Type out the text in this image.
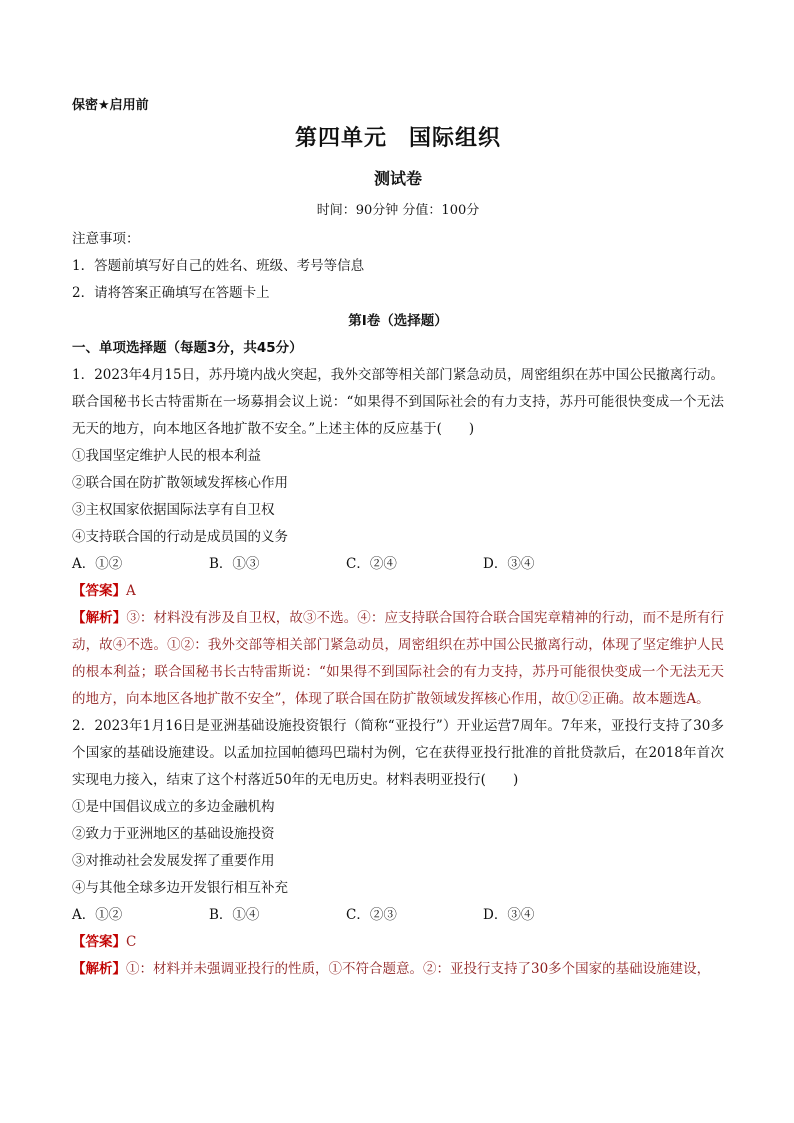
保密★启用前
第四单元 国际组织
测试卷
时间：90分钟 分值：100分

注意事项：

1．答题前填写好自己的姓名、班级、考号等信息

2．请将答案正确填写在答题卡上

第Ⅰ卷（选择题）
一、单项选择题（每题3分，共45分）

1．2023年4月15日，苏丹境内战火突起，我外交部等相关部门紧急动员，周密组织在苏中国公民撤离行动。联合国秘书长古特雷斯在一场募捐会议上说：“如果得不到国际社会的有力支持，苏丹可能很快变成一个无法无天的地方，向本地区各地扩散不安全。”上述主体的反应基于(　　)

①我国坚定维护人民的根本利益

②联合国在防扩散领域发挥核心作用

③主权国家依据国际法享有自卫权

④支持联合国的行动是成员国的义务

A．①②	B．①③	C．②④	D．③④
【答案】A

【解析】③：材料没有涉及自卫权，故③不选。④：应支持联合国符合联合国宪章精神的行动，而不是所有行动，故④不选。①②：我外交部等相关部门紧急动员，周密组织在苏中国公民撤离行动，体现了坚定维护人民的根本利益；联合国秘书长古特雷斯说：“如果得不到国际社会的有力支持，苏丹可能很快变成一个无法无天的地方，向本地区各地扩散不安全”，体现了联合国在防扩散领域发挥核心作用，故①②正确。故本题选A。

2．2023年1月16日是亚洲基础设施投资银行（简称“亚投行”）开业运营7周年。7年来，亚投行支持了30多个国家的基础设施建设。以孟加拉国帕德玛巴瑞村为例，它在获得亚投行批准的首批贷款后，在2018年首次实现电力接入，结束了这个村落近50年的无电历史。材料表明亚投行(　　)

①是中国倡议成立的多边金融机构

②致力于亚洲地区的基础设施投资

③对推动社会发展发挥了重要作用

④与其他全球多边开发银行相互补充

A．①②	B．①④	C．②③	D．③④
【答案】C

【解析】①：材料并未强调亚投行的性质，①不符合题意。②：亚投行支持了30多个国家的基础设施建设，
